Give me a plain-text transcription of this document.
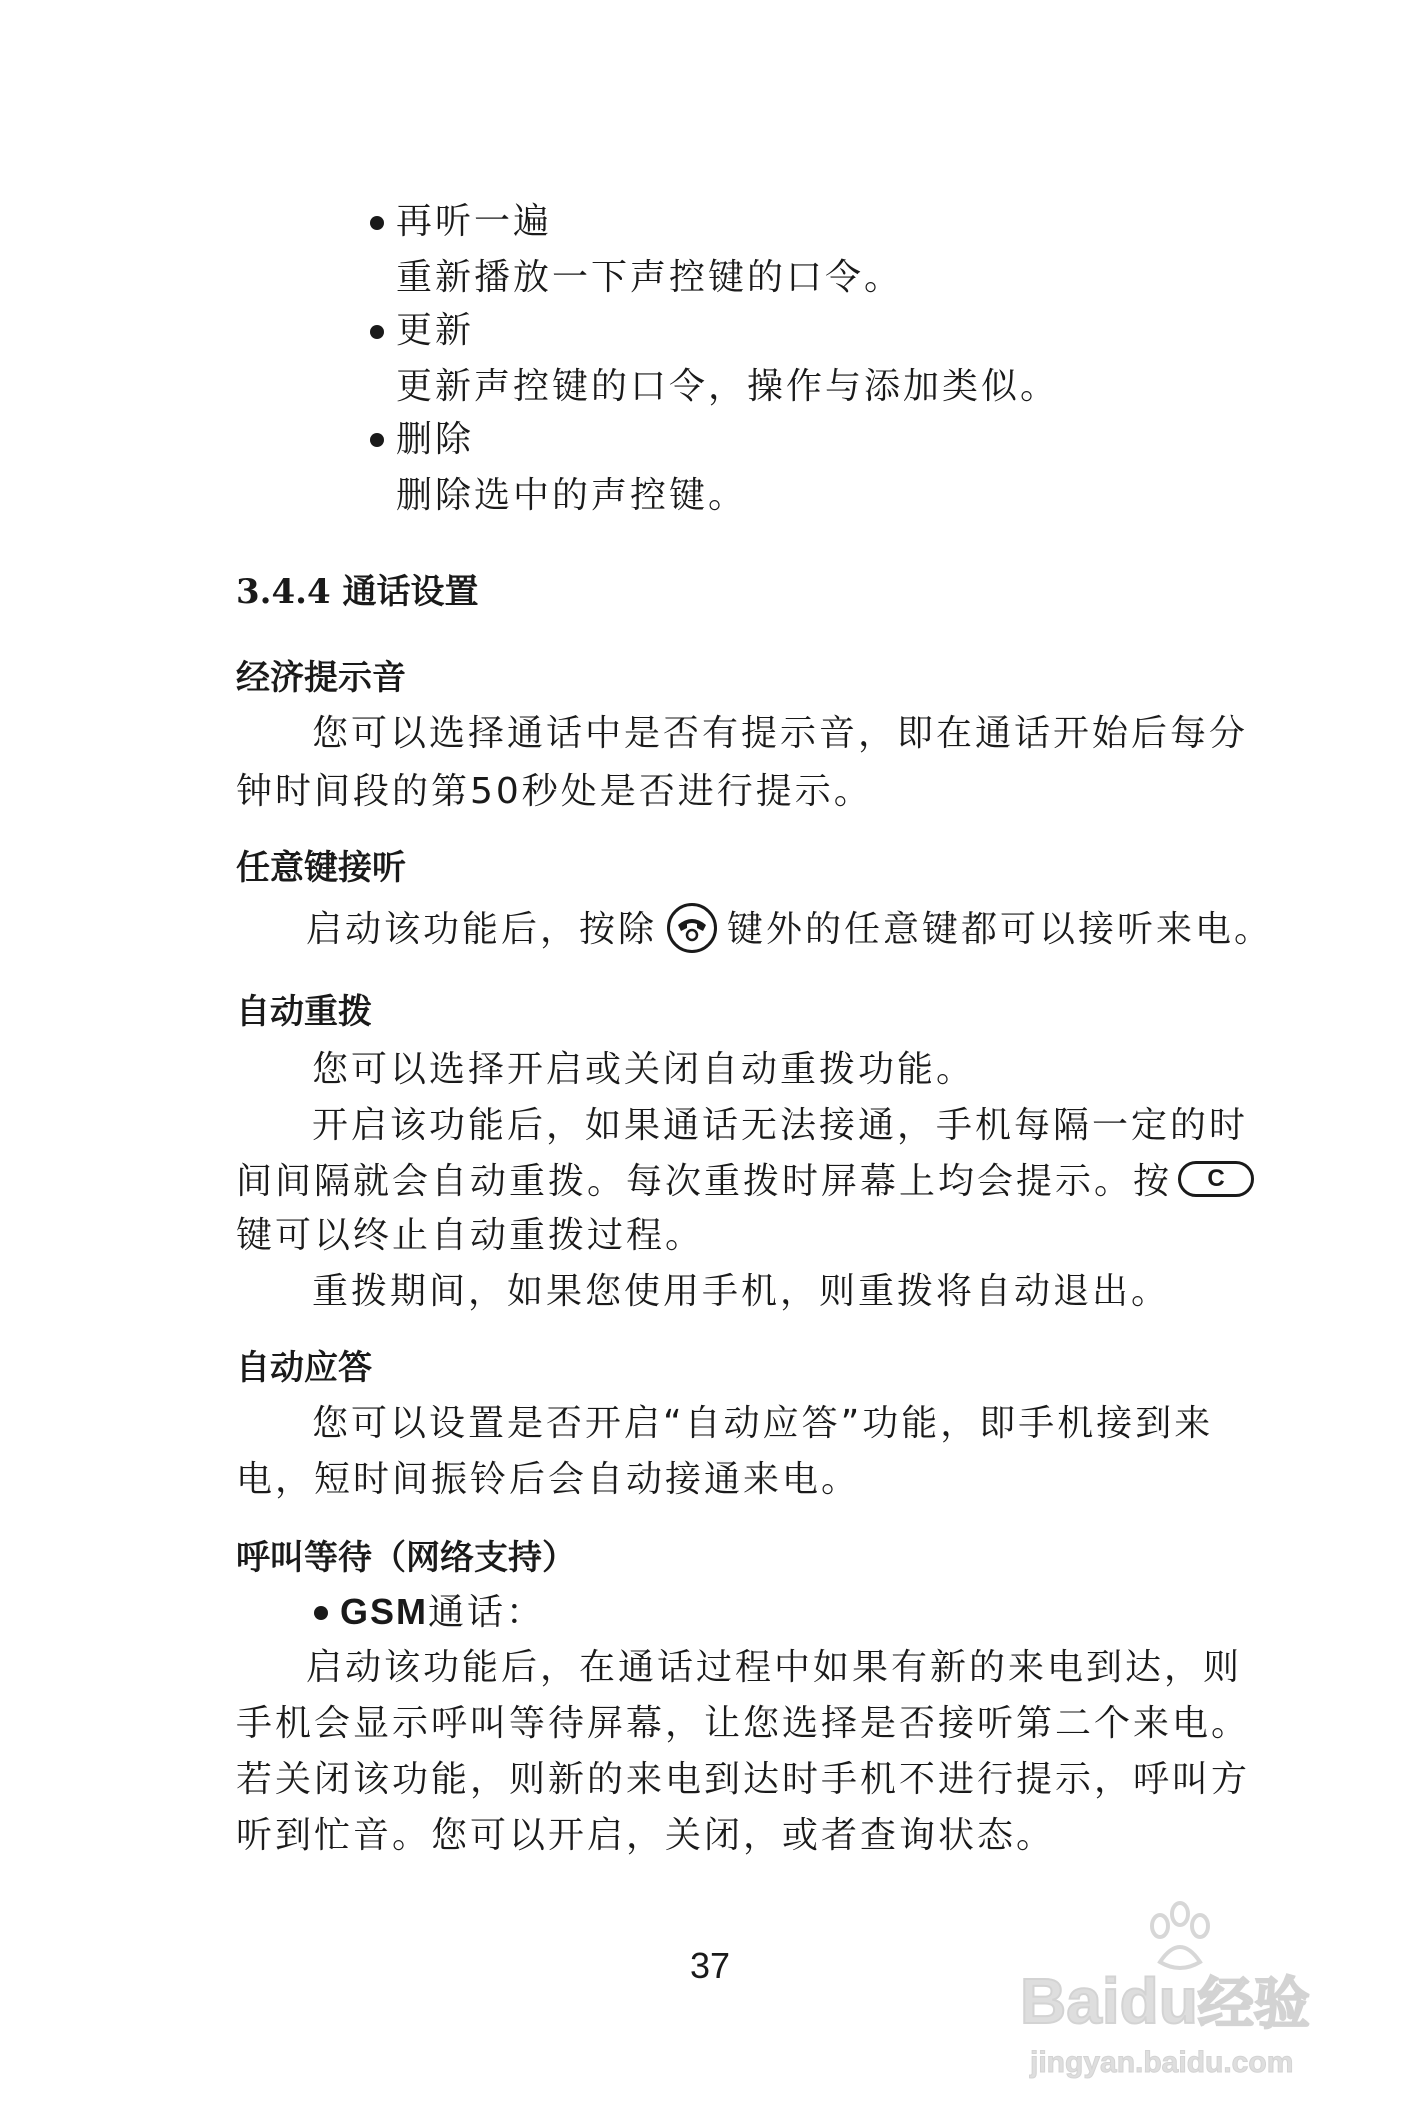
再听一遍
重新播放一下声控键的口令。
更新
更新声控键的口令，操作与添加类似。
删除
删除选中的声控键。
3.4.4 通话设置
经济提示音
您可以选择通话中是否有提示音，即在通话开始后每分
钟时间段的第50秒处是否进行提示。
任意键接听
启动该功能后，按除 键外的任意键都可以接听来电。
自动重拨
您可以选择开启或关闭自动重拨功能。
开启该功能后，如果通话无法接通，手机每隔一定的时
间间隔就会自动重拨。每次重拨时屏幕上均会提示。按 C
键可以终止自动重拨过程。
重拨期间，如果您使用手机，则重拨将自动退出。
自动应答
您可以设置是否开启“自动应答”功能，即手机接到来
电，短时间振铃后会自动接通来电。
呼叫等待（网络支持）
GSM通话：
启动该功能后，在通话过程中如果有新的来电到达，则
手机会显示呼叫等待屏幕，让您选择是否接听第二个来电。
若关闭该功能，则新的来电到达时手机不进行提示，呼叫方
听到忙音。您可以开启，关闭，或者查询状态。
37	Baidu经验
jingyan.baidu.com
